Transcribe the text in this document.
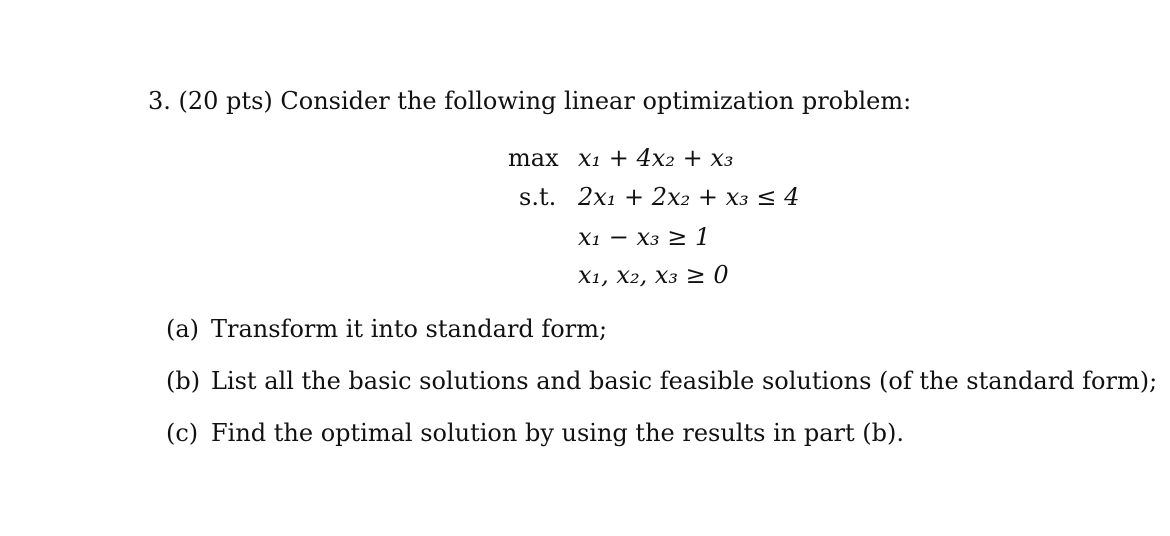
3. (20 pts) Consider the following linear optimization problem:
max x₁ + 4x₂ + x₃
s.t. 2x₁ + 2x₂ + x₃ ≤ 4
x₁ − x₃ ≥ 1
x₁, x₂, x₃ ≥ 0
(a) Transform it into standard form;
(b) List all the basic solutions and basic feasible solutions (of the standard form);
(c) Find the optimal solution by using the results in part (b).
